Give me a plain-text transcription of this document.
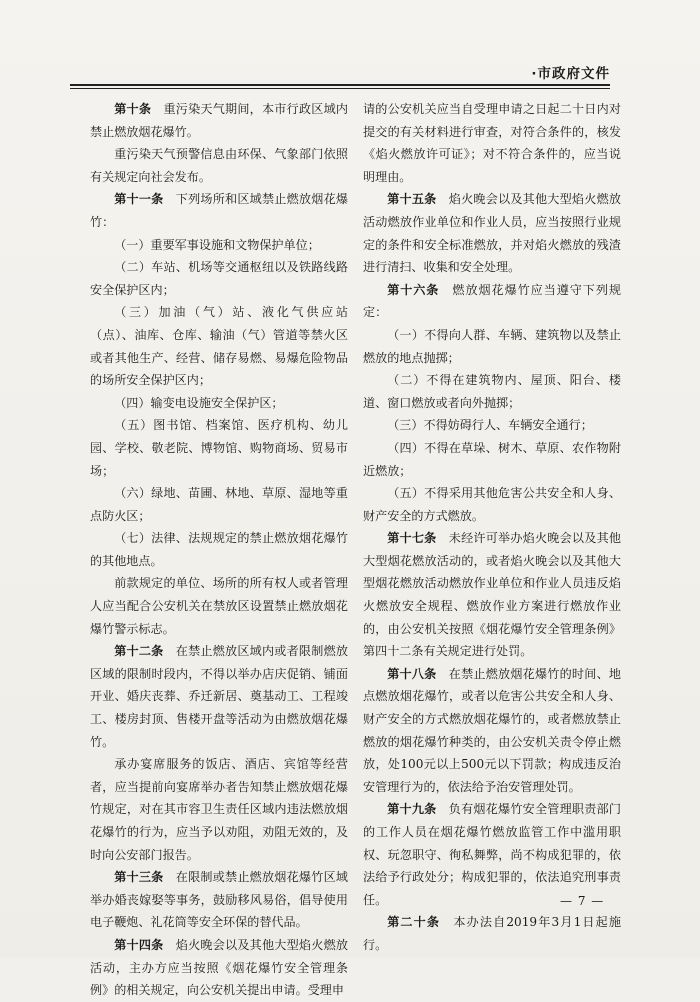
·市政府文件

第十条　 重污染天气期间，本市行政区域内禁止燃放烟花爆竹。

重污染天气预警信息由环保、气象部门依照有关规定向社会发布。

第十一条　 下列场所和区域禁止燃放烟花爆竹：

（一）重要军事设施和文物保护单位；

（二）车站、机场等交通枢纽以及铁路线路安全保护区内；

（三）加油（气）站、液化气供应站（点）、油库、仓库、输油（气）管道等禁火区或者其他生产、经营、储存易燃、易爆危险物品的场所安全保护区内；

（四）输变电设施安全保护区；

（五）图书馆、档案馆、医疗机构、幼儿园、学校、敬老院、博物馆、购物商场、贸易市场；

（六）绿地、苗圃、林地、草原、湿地等重点防火区；

（七）法律、法规规定的禁止燃放烟花爆竹的其他地点。

前款规定的单位、场所的所有权人或者管理人应当配合公安机关在禁放区设置禁止燃放烟花爆竹警示标志。

第十二条　 在禁止燃放区域内或者限制燃放区域的限制时段内，不得以举办店庆促销、铺面开业、婚庆丧葬、乔迁新居、奠基动工、工程竣工、楼房封顶、售楼开盘等活动为由燃放烟花爆竹。

承办宴席服务的饭店、酒店、宾馆等经营者，应当提前向宴席举办者告知禁止燃放烟花爆竹规定，对在其市容卫生责任区域内违法燃放烟花爆竹的行为，应当予以劝阻，劝阻无效的，及时向公安部门报告。

第十三条　 在限制或禁止燃放烟花爆竹区域举办婚丧嫁娶等事务，鼓励移风易俗，倡导使用电子鞭炮、礼花筒等安全环保的替代品。

第十四条　 焰火晚会以及其他大型焰火燃放活动，主办方应当按照《烟花爆竹安全管理条例》的相关规定，向公安机关提出申请。受理申

请的公安机关应当自受理申请之日起二十日内对提交的有关材料进行审查，对符合条件的，核发《焰火燃放许可证》；对不符合条件的，应当说明理由。

第十五条　 焰火晚会以及其他大型焰火燃放活动燃放作业单位和作业人员，应当按照行业规定的条件和安全标准燃放，并对焰火燃放的残渣进行清扫、收集和安全处理。

第十六条　 燃放烟花爆竹应当遵守下列规定：

（一）不得向人群、车辆、建筑物以及禁止燃放的地点抛掷；

（二）不得在建筑物内、屋顶、阳台、楼道、窗口燃放或者向外抛掷；

（三）不得妨碍行人、车辆安全通行；

（四）不得在草垛、树木、草原、农作物附近燃放；

（五）不得采用其他危害公共安全和人身、财产安全的方式燃放。

第十七条　 未经许可举办焰火晚会以及其他大型烟花燃放活动的，或者焰火晚会以及其他大型烟花燃放活动燃放作业单位和作业人员违反焰火燃放安全规程、燃放作业方案进行燃放作业的，由公安机关按照《烟花爆竹安全管理条例》第四十二条有关规定进行处罚。

第十八条　 在禁止燃放烟花爆竹的时间、地点燃放烟花爆竹，或者以危害公共安全和人身、财产安全的方式燃放烟花爆竹的，或者燃放禁止燃放的烟花爆竹种类的，由公安机关责令停止燃放，处100元以上500元以下罚款；构成违反治安管理行为的，依法给予治安管理处罚。

第十九条　 负有烟花爆竹安全管理职责部门的工作人员在烟花爆竹燃放监管工作中滥用职权、玩忽职守、徇私舞弊，尚不构成犯罪的，依法给予行政处分；构成犯罪的，依法追究刑事责任。

第二十条　 本办法自2019年3月1日起施行。

— 7 —
